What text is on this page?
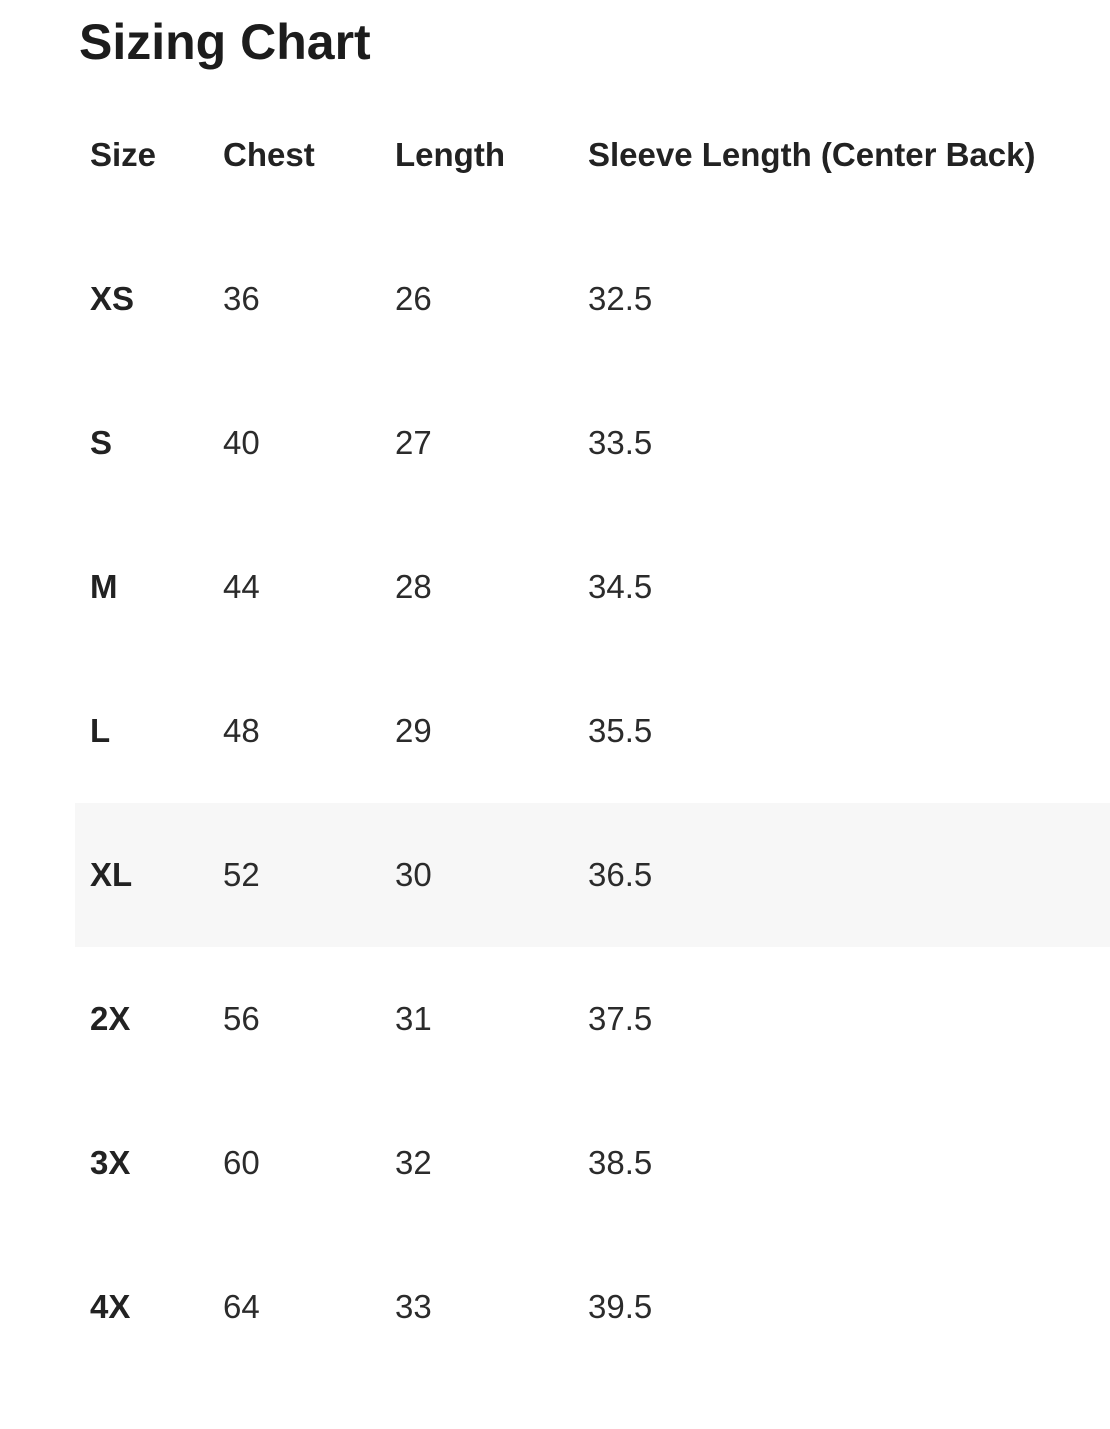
Sizing Chart
Size	Chest	Length	Sleeve Length (Center Back)
XS	36	26	32.5
S	40	27	33.5
M	44	28	34.5
L	48	29	35.5
XL	52	30	36.5
2X	56	31	37.5
3X	60	32	38.5
4X	64	33	39.5
